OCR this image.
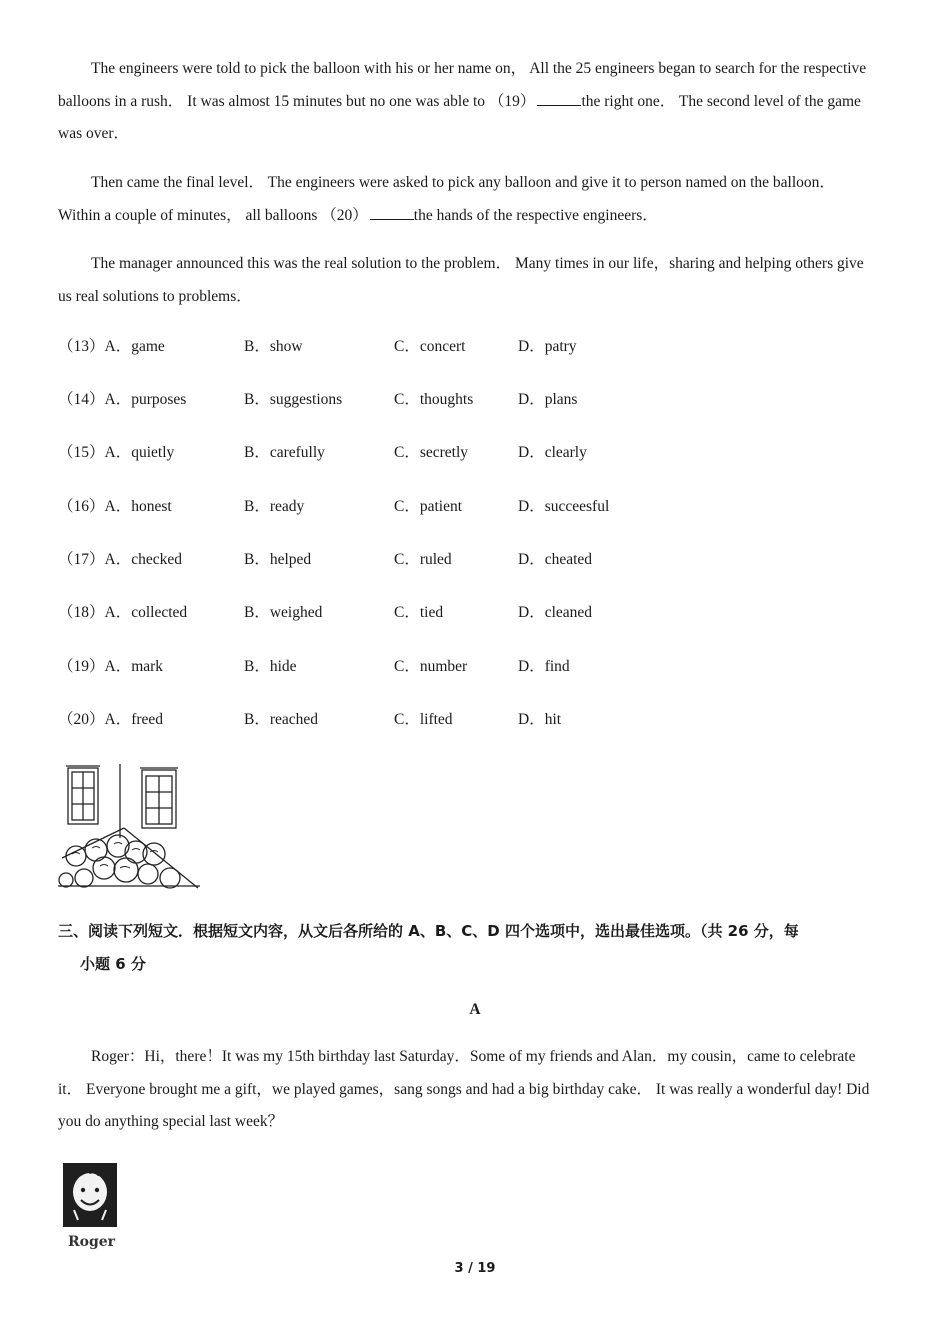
The engineers were told to pick the balloon with his or her name on， All the 25 engineers began to search for the respective balloons in a rush． It was almost 15 minutes but no one was able to （19）	the right one． The second level of the game was over．

Then came the final level． The engineers were asked to pick any balloon and give it to person named on the balloon． Within a couple of minutes， all balloons （20）	the hands of the respective engineers．

The manager announced this was the real solution to the problem． Many times in our life，sharing and helping others give us real solutions to problems．

（13）A．game	B．show	C．concert	D．patry
（14）A．purposes	B．suggestions	C．thoughts	D．plans
（15）A．quietly	B．carefully	C．secretly	D．clearly
（16）A．honest	B．ready	C．patient	D．succeesful
（17）A．checked	B．helped	C．ruled	D．cheated
（18）A．collected	B．weighed	C．tied	D．cleaned
（19）A．mark	B．hide	C．number	D．find
（20）A．freed	B．reached	C．lifted	D．hit
三、阅读下列短文．根据短文内容，从文后各所给的 A、B、C、D 四个选项中，选出最佳选项。（共 26 分，每
小题 6 分
A

Roger：Hi，there！It was my 15th birthday last Saturday．Some of my friends and Alan．my cousin，came to celebrate it． Everyone brought me a gift，we played games，sang songs and had a big birthday cake． It was really a wonderful day! Did you do anything special last week？

Roger
3 / 19
